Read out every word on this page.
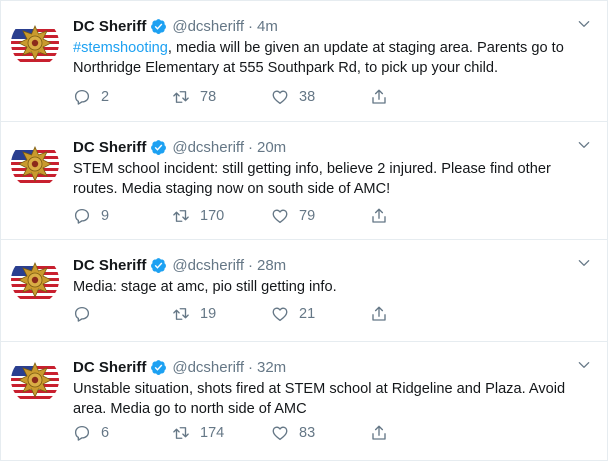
DC Sheriff @dcsheriff · 4m
#stemshooting, media will be given an update at staging area. Parents go to Northridge Elementary at 555 Southpark Rd, to pick up your child.
2	78	38
DC Sheriff @dcsheriff · 20m
STEM school incident: still getting info, believe 2 injured. Please find other routes. Media staging now on south side of AMC!
9	170	79
DC Sheriff @dcsheriff · 28m
Media: stage at amc, pio still getting info.
19	21
DC Sheriff @dcsheriff · 32m
Unstable situation, shots fired at STEM school at Ridgeline and Plaza. Avoid area. Media go to north side of AMC
6	174	83
